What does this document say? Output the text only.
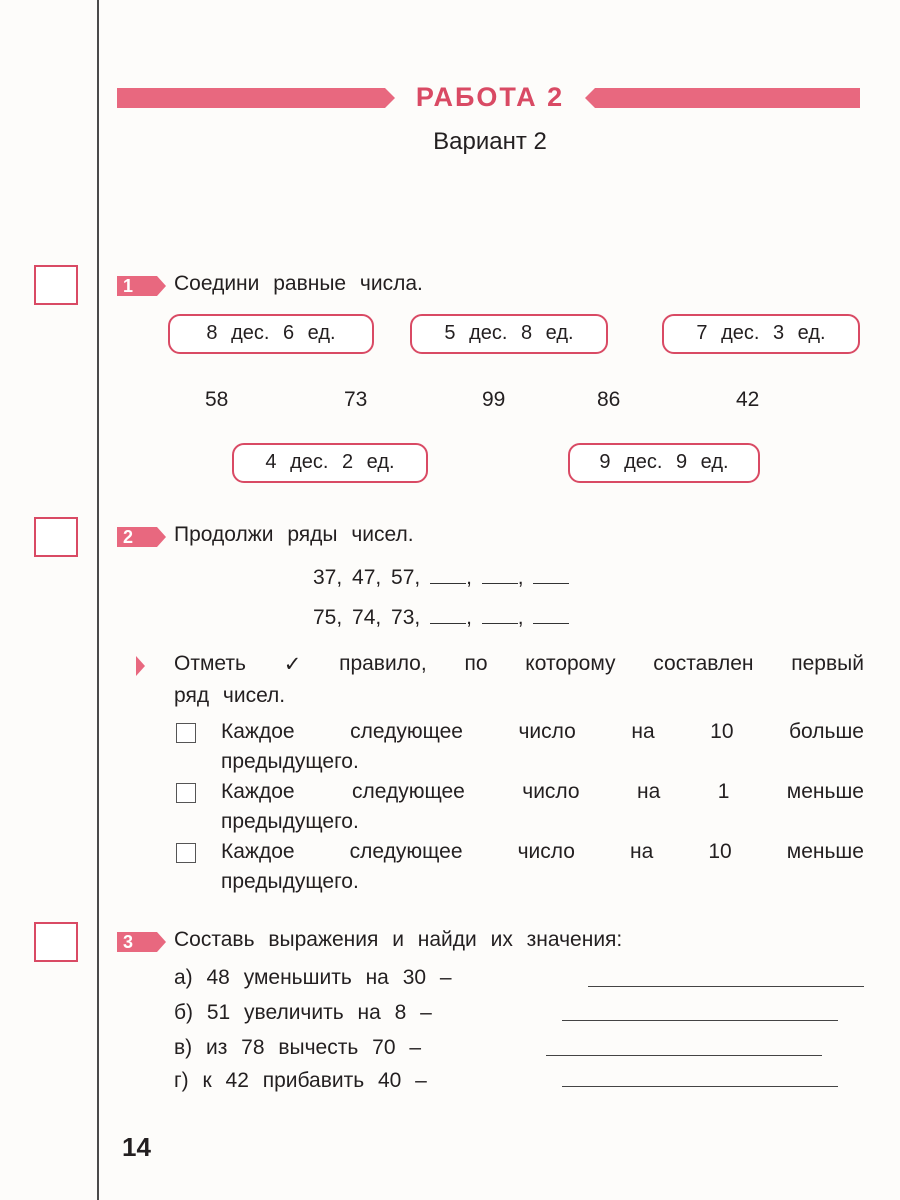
РАБОТА 2
Вариант 2
1	Соедини равные числа.
8 дес. 6 ед.	5 дес. 8 ед.	7 дес. 3 ед.
58	73	99	86	42
4 дес. 2 ед.	9 дес. 9 ед.
2	Продолжи ряды чисел.
37, 47, 57, , ,
75, 74, 73, , ,
Отметь ✓ правило, по которому составлен первый
ряд чисел.
Каждое	следующее	число	на	10	больше
предыдущего.
Каждое	следующее	число	на	1	меньше
предыдущего.
Каждое	следующее	число	на	10	меньше
предыдущего.
3	Составь выражения и найди их значения:
а) 48 уменьшить на 30 –
б) 51 увеличить на 8 –
в) из 78 вычесть 70 –
г) к 42 прибавить 40 –
14
